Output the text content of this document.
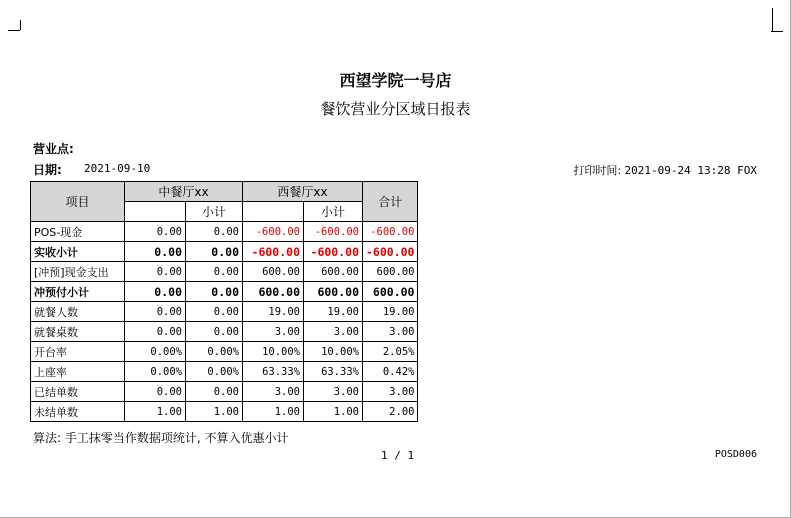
西望学院一号店
餐饮营业分区域日报表
营业点:
日期: 2021-09-10	打印时间: 2021-09-24 13:28 FOX
项目	中餐厅xx		西餐厅xx		合计
		小计		小计	
POS-现金	0.00	0.00	-600.00	-600.00	-600.00
实收小计	0.00	0.00	-600.00	-600.00	-600.00
[冲预]现金支出	0.00	0.00	600.00	600.00	600.00
冲预付小计	0.00	0.00	600.00	600.00	600.00
就餐人数	0.00	0.00	19.00	19.00	19.00
就餐桌数	0.00	0.00	3.00	3.00	3.00
开台率	0.00%	0.00%	10.00%	10.00%	2.05%
上座率	0.00%	0.00%	63.33%	63.33%	0.42%
已结单数	0.00	0.00	3.00	3.00	3.00
未结单数	1.00	1.00	1.00	1.00	2.00
算法: 手工抹零当作数据项统计, 不算入优惠小计
1 / 1	POSD006
